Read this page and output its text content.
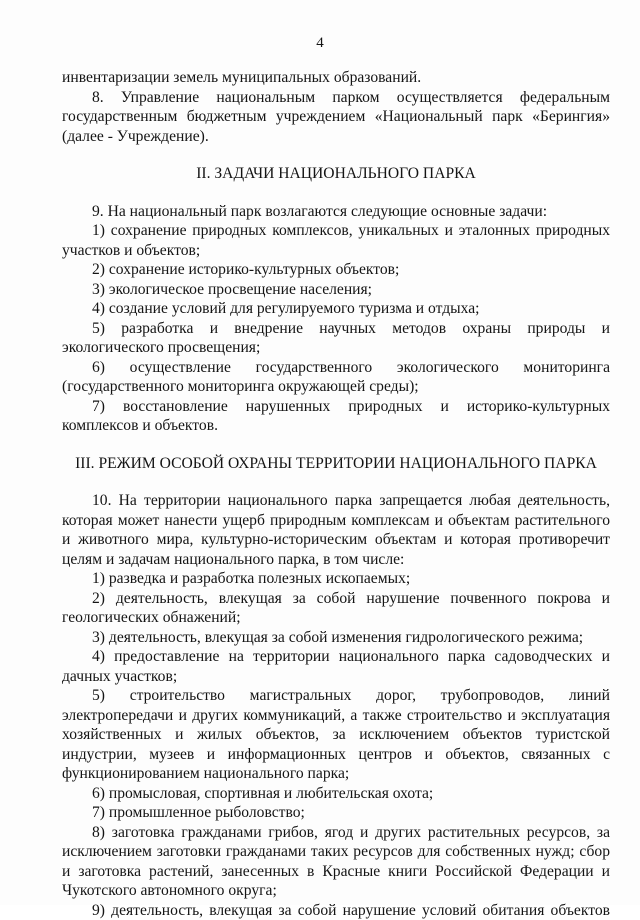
4

инвентаризации земель муниципальных образований.

8. Управление национальным парком осуществляется федеральным государственным бюджетным учреждением «Национальный парк «Берингия» (далее - Учреждение).

II. ЗАДАЧИ НАЦИОНАЛЬНОГО ПАРКА

9. На национальный парк возлагаются следующие основные задачи:

1) сохранение природных комплексов, уникальных и эталонных природных участков и объектов;

2) сохранение историко-культурных объектов;

3) экологическое просвещение населения;

4) создание условий для регулируемого туризма и отдыха;

5) разработка и внедрение научных методов охраны природы и экологического просвещения;

6) осуществление государственного экологического мониторинга (государственного мониторинга окружающей среды);

7) восстановление нарушенных природных и историко-культурных комплексов и объектов.

III. РЕЖИМ ОСОБОЙ ОХРАНЫ ТЕРРИТОРИИ НАЦИОНАЛЬНОГО ПАРКА

10. На территории национального парка запрещается любая деятельность, которая может нанести ущерб природным комплексам и объектам растительного и животного мира, культурно-историческим объектам и которая противоречит целям и задачам национального парка, в том числе:

1) разведка и разработка полезных ископаемых;

2) деятельность, влекущая за собой нарушение почвенного покрова и геологических обнажений;

3) деятельность, влекущая за собой изменения гидрологического режима;

4) предоставление на территории национального парка садоводческих и дачных участков;

5) строительство магистральных дорог, трубопроводов, линий электропередачи и других коммуникаций, а также строительство и эксплуатация хозяйственных и жилых объектов, за исключением объектов туристской индустрии, музеев и информационных центров и объектов, связанных с функционированием национального парка;

6) промысловая, спортивная и любительская охота;

7) промышленное рыболовство;

8) заготовка гражданами грибов, ягод и других растительных ресурсов, за исключением заготовки гражданами таких ресурсов для собственных нужд; сбор и заготовка растений, занесенных в Красные книги Российской Федерации и Чукотского автономного округа;

9) деятельность, влекущая за собой нарушение условий обитания объектов
